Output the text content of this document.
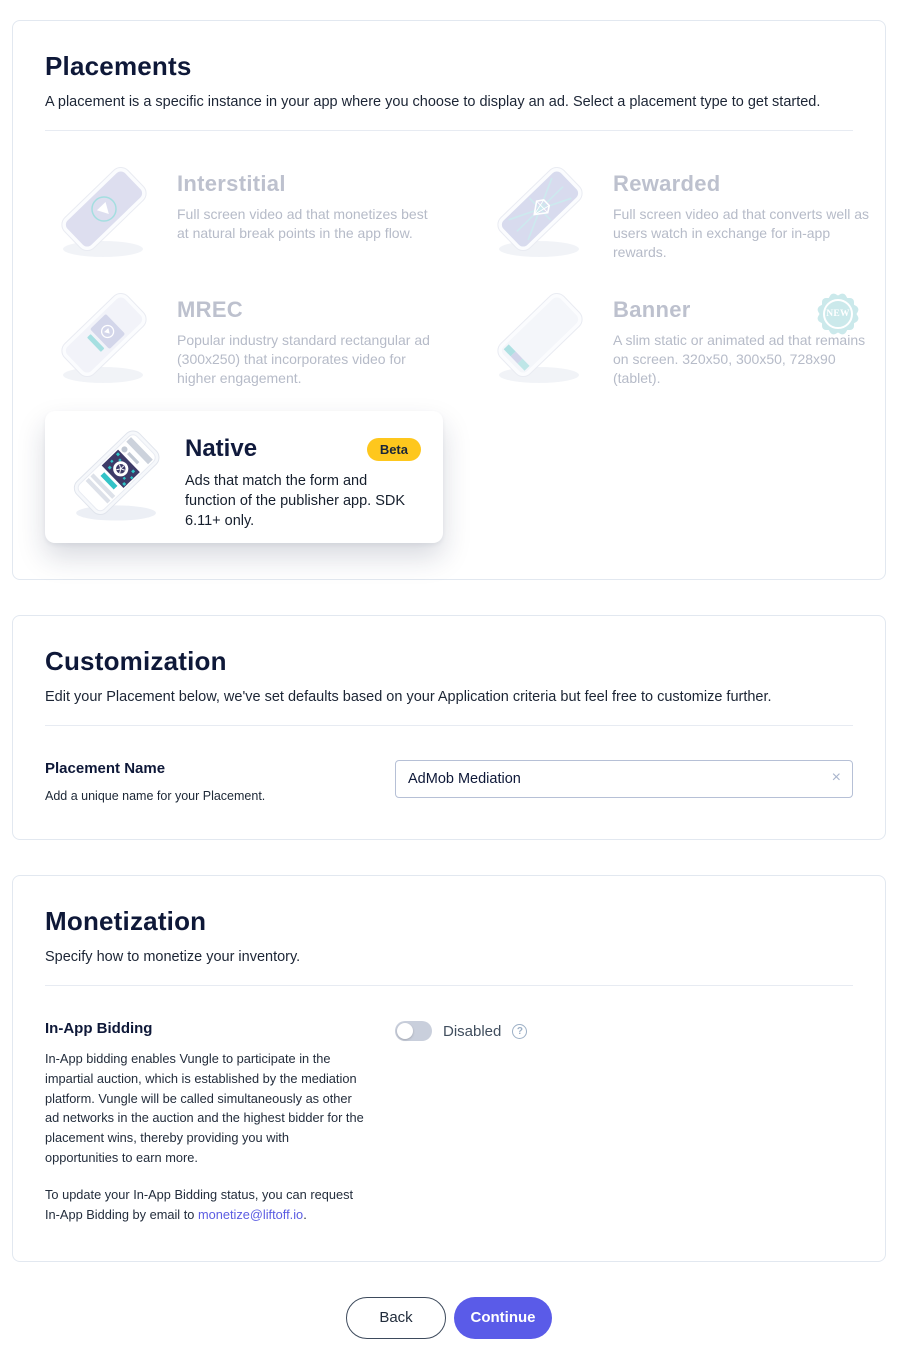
Placements

A placement is a specific instance in your app where you choose to display an ad. Select a placement type to get started.

Interstitial
Full screen video ad that monetizes best at natural break points in the app flow.
Rewarded
Full screen video ad that converts well as users watch in exchange for in-app rewards.
MREC
Popular industry standard rectangular ad (300x250) that incorporates video for higher engagement.
Banner
A slim static or animated ad that remains on screen. 320x50, 300x50, 728x90 (tablet).
NEW
Native	Beta
Ads that match the form and function of the publisher app. SDK 6.11+ only.
Customization

Edit your Placement below, we've set defaults based on your Application criteria but feel free to customize further.

Placement Name
Add a unique name for your Placement.
AdMob Mediation
×
Monetization

Specify how to monetize your inventory.

In-App Bidding

In-App bidding enables Vungle to participate in the impartial auction, which is established by the mediation platform. Vungle will be called simultaneously as other ad networks in the auction and the highest bidder for the placement wins, thereby providing you with opportunities to earn more.

To update your In-App Bidding status, you can request In-App Bidding by email to monetize@liftoff.io.

Disabled	?
Back	Continue
